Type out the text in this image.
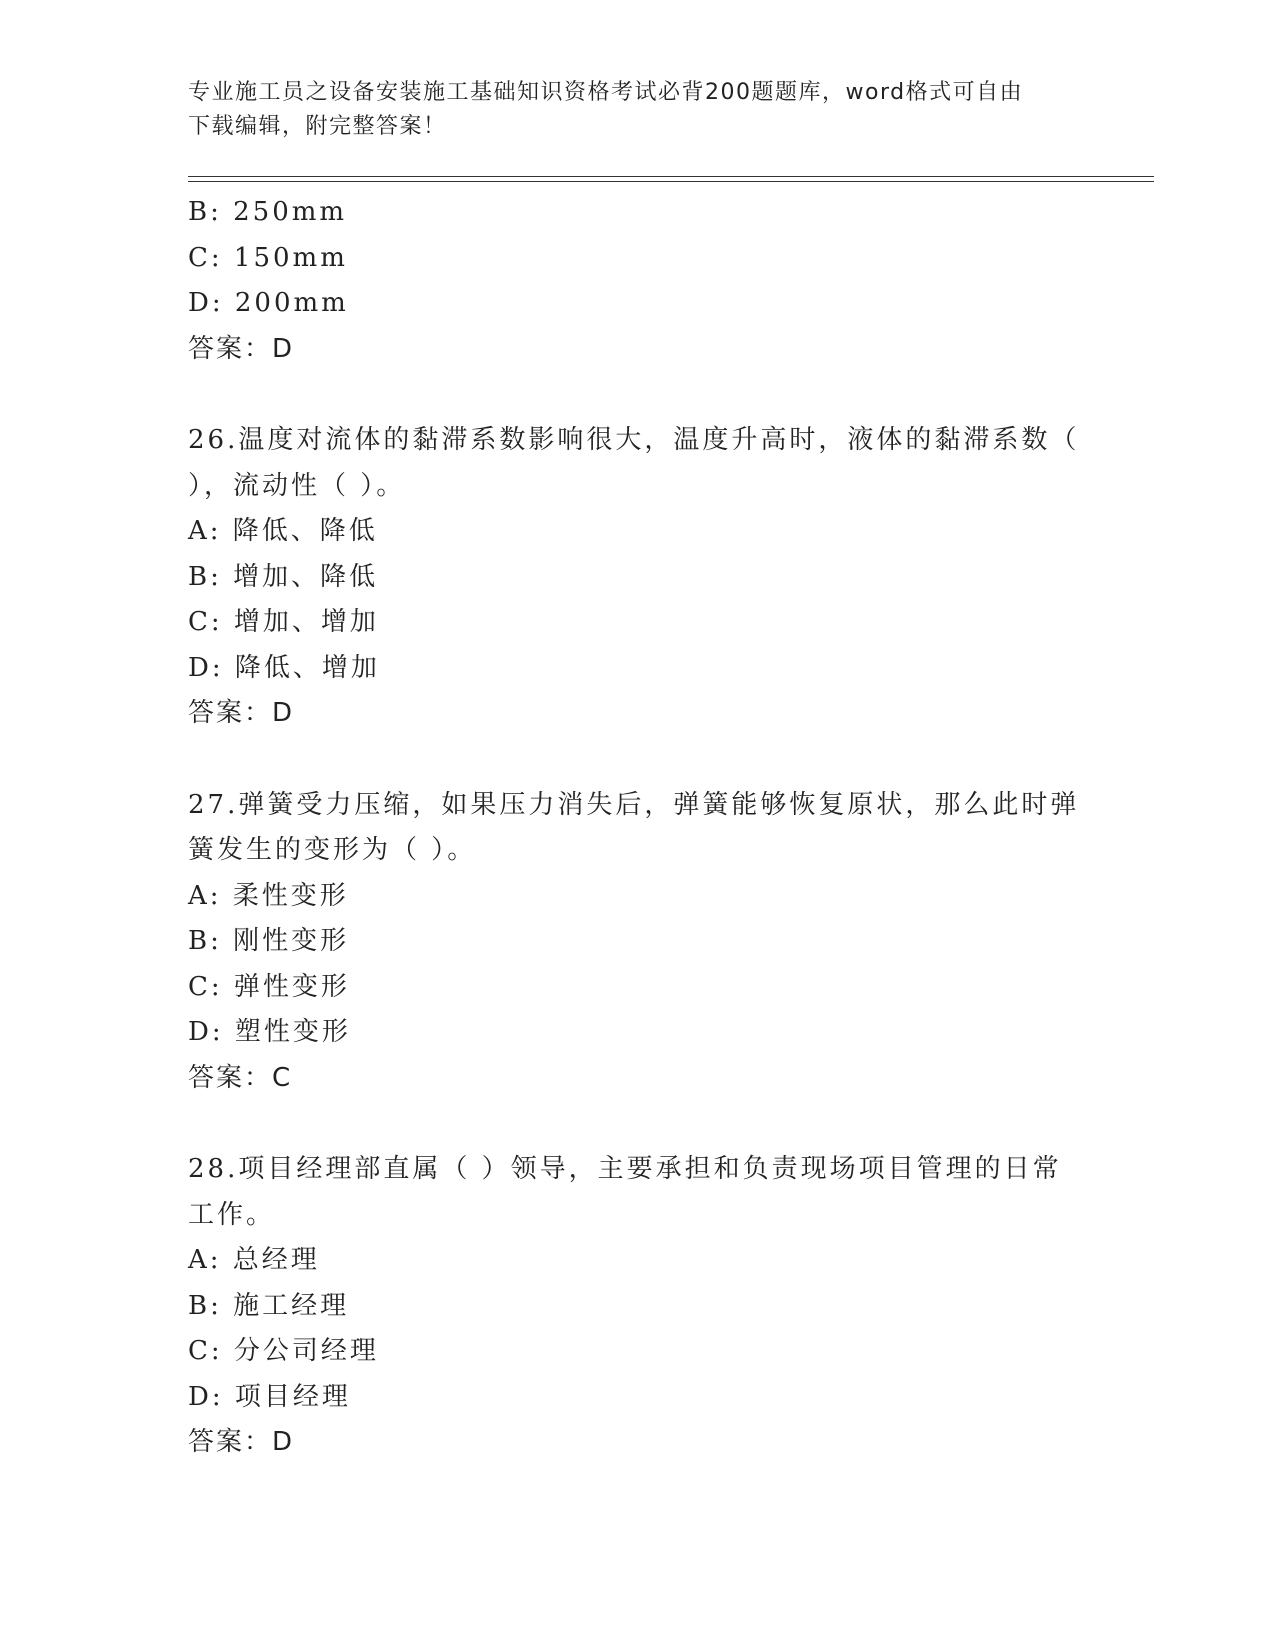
专业施工员之设备安装施工基础知识资格考试必背200题题库，word格式可自由
下载编辑，附完整答案！
B: 250mm
C: 150mm
D: 200mm
答案：D
26.温度对流体的黏滞系数影响很大，温度升高时，液体的黏滞系数（
），流动性（ ）。
A: 降低、降低
B: 增加、降低
C: 增加、增加
D: 降低、增加
答案：D
27.弹簧受力压缩，如果压力消失后，弹簧能够恢复原状，那么此时弹
簧发生的变形为（ ）。
A: 柔性变形
B: 刚性变形
C: 弹性变形
D: 塑性变形
答案：C
28.项目经理部直属（ ）领导，主要承担和负责现场项目管理的日常
工作。
A: 总经理
B: 施工经理
C: 分公司经理
D: 项目经理
答案：D
